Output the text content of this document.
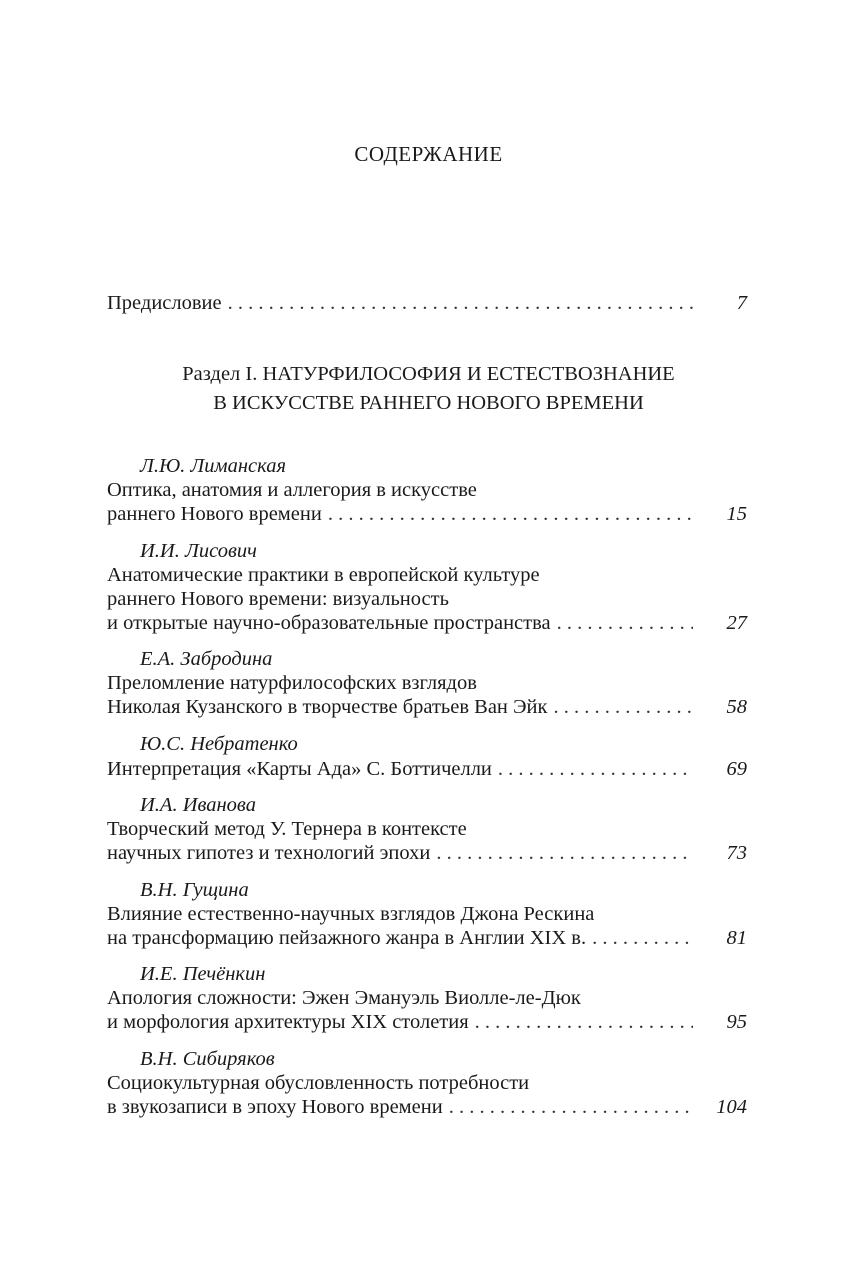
СОДЕРЖАНИЕ
Предисловие . . .	7
Раздел I. НАТУРФИЛОСОФИЯ И ЕСТЕСТВОЗНАНИЕ
В ИСКУССТВЕ РАННЕГО НОВОГО ВРЕМЕНИ
Л.Ю. Лиманская
Оптика, анатомия и аллегория в искусстве
раннего Нового времени . . .	15
И.И. Лисович
Анатомические практики в европейской культуре
раннего Нового времени: визуальность
и открытые научно-образовательные пространства . . .	27
Е.А. Забродина
Преломление натурфилософских взглядов
Николая Кузанского в творчестве братьев Ван Эйк . . .	58
Ю.С. Небратенко
Интерпретация «Карты Ада» С. Боттичелли . . .	69
И.А. Иванова
Творческий метод У. Тернера в контексте
научных гипотез и технологий эпохи . . .	73
В.Н. Гущина
Влияние естественно-научных взглядов Джона Рескина
на трансформацию пейзажного жанра в Англии XIX в. . . .	81
И.Е. Печёнкин
Апология сложности: Эжен Эмануэль Виолле-ле-Дюк
и морфология архитектуры XIX столетия . . .	95
В.Н. Сибиряков
Социокультурная обусловленность потребности
в звукозаписи в эпоху Нового времени . . .	104
